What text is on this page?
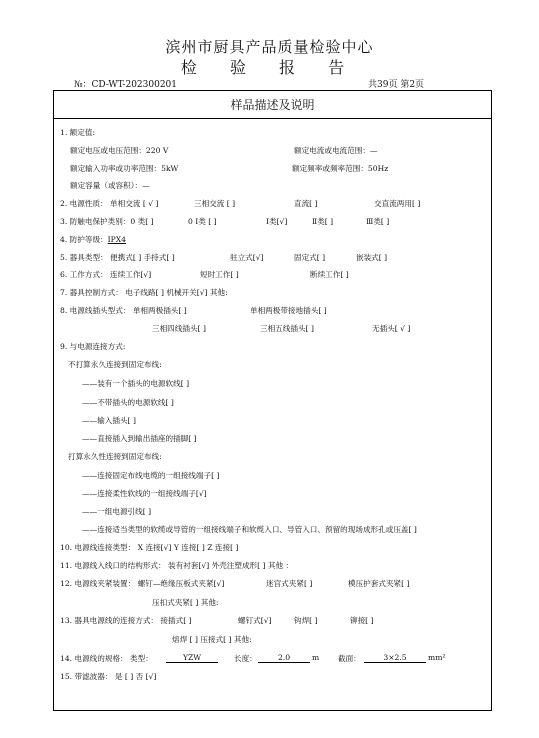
滨州市厨具产品质量检验中心
检 验 报 告
№：CD-WT-202300201	共39页 第2页
样品描述及说明
1. 额定值:
额定电压或电压范围：220 V	额定电流或电流范围：—
额定输入功率或功率范围：5kW	额定频率或频率范围：50Hz
额定容量（或容积）：—
2. 电源性质： 单相交流 [ √ ]	三相交流 [ ]	直流[ ]	交直流两用[ ]
3. 防触电保护类别：0 类[ ]	0 Ⅰ类 [ ]	Ⅰ类[√]	Ⅱ类[ ]	Ⅲ类[ ]
4. 防护等级：IPX4
5. 器具类型： 便携式[ ] 手持式[ ]	驻立式[√]	固定式[ ]	嵌装式[ ]
6. 工作方式： 连续工作[√]	短时工作[ ]	断续工作[ ]
7. 器具控制方式： 电子线路[ ] 机械开关[√] 其他:
8. 电源线插头型式： 单相两极插头[ ]	单相两极带接地插头[ ]
三相四线插头[ ]	三相五线插头[ ]	无插头[ √ ]
9. 与电源连接方式:
不打算永久连接到固定布线:
——装有一个插头的电源软线[ ]
——不带插头的电源软线[ ]
——输入插头[ ]
——直接插入到输出插座的插脚[ ]
打算永久性连接到固定布线:
——连接固定布线电缆的一组接线端子[ ]
——连接柔性软线的一组接线端子[√]
——一组电源引线[ ]
——连接适当类型的软缆或导管的一组接线端子和软缆入口、导管入口、预留的现场成形孔或压盖[ ]
10. 电源线连接类型： X 连接[√] Y 连接[ ] Z 连接[ ]
11. 电源线入线口的结构形式： 装有衬套[√] 外壳注塑成形[ ] 其他 ：
12. 电源线夹紧装置： 螺钉—绝缘压板式夹紧[√]	迷宫式夹紧[ ]	模压护套式夹紧[ ]
压扣式夹紧[ ] 其他:
13. 器具电源线的连接方式： 接插式[ ]	螺钉式[√]	钩焊[ ]	铆接[ ]
熔焊 [ ] 压接式[ ] 其他:
14. 电源线的规格： 类型：	YZW	长度：	2.0	m 截面：	3×2.5	mm²
15. 带滤波器： 是 [ ] 否 [√]
